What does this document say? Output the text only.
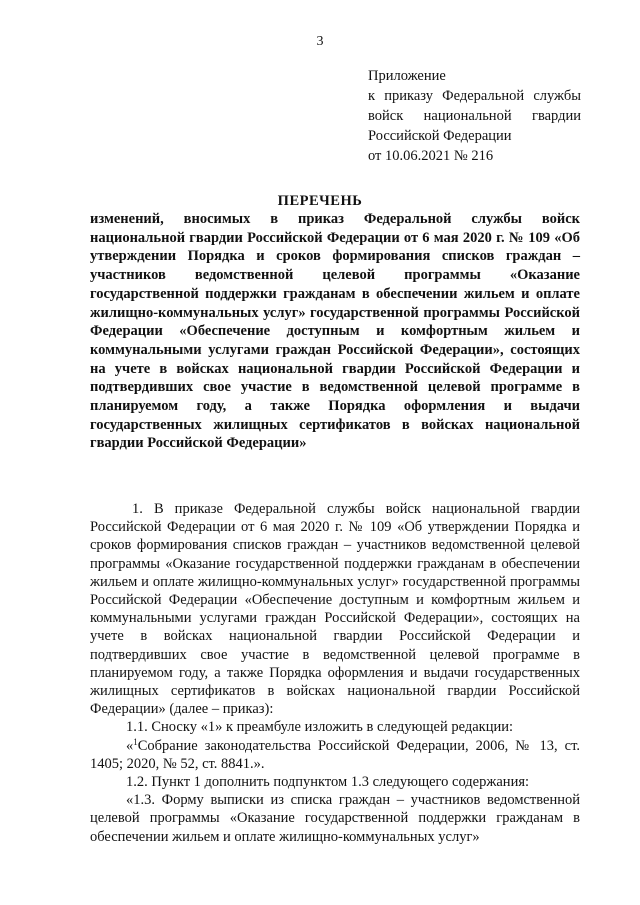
3
Приложение
к приказу Федеральной службы
войск национальной гвардии
Российской Федерации
от 10.06.2021 № 216
ПЕРЕЧЕНЬ
изменений, вносимых в приказ Федеральной службы войск национальной гвардии Российской Федерации от 6 мая 2020 г. № 109 «Об утверждении Порядка и сроков формирования списков граждан – участников ведомственной целевой программы «Оказание государственной поддержки гражданам в обеспечении жильем и оплате жилищно-коммунальных услуг» государственной программы Российской Федерации «Обеспечение доступным и комфортным жильем и коммунальными услугами граждан Российской Федерации», состоящих на учете в войсках национальной гвардии Российской Федерации и подтвердивших свое участие в ведомственной целевой программе в планируемом году, а также Порядка оформления и выдачи государственных жилищных сертификатов в войсках национальной гвардии Российской Федерации»

1. В приказе Федеральной службы войск национальной гвардии Российской Федерации от 6 мая 2020 г. № 109 «Об утверждении Порядка и сроков формирования списков граждан – участников ведомственной целевой программы «Оказание государственной поддержки гражданам в обеспечении жильем и оплате жилищно-коммунальных услуг» государственной программы Российской Федерации «Обеспечение доступным и комфортным жильем и коммунальными услугами граждан Российской Федерации», состоящих на учете в войсках национальной гвардии Российской Федерации и подтвердивших свое участие в ведомственной целевой программе в планируемом году, а также Порядка оформления и выдачи государственных жилищных сертификатов в войсках национальной гвардии Российской Федерации» (далее – приказ):

1.1. Сноску «1» к преамбуле изложить в следующей редакции:

«$^1$Собрание законодательства Российской Федерации, 2006, № 13, ст. 1405; 2020, № 52, ст. 8841.».

1.2. Пункт 1 дополнить подпунктом 1.3 следующего содержания:

«1.3. Форму выписки из списка граждан – участников ведомственной целевой программы «Оказание государственной поддержки гражданам в обеспечении жильем и оплате жилищно-коммунальных услуг»
